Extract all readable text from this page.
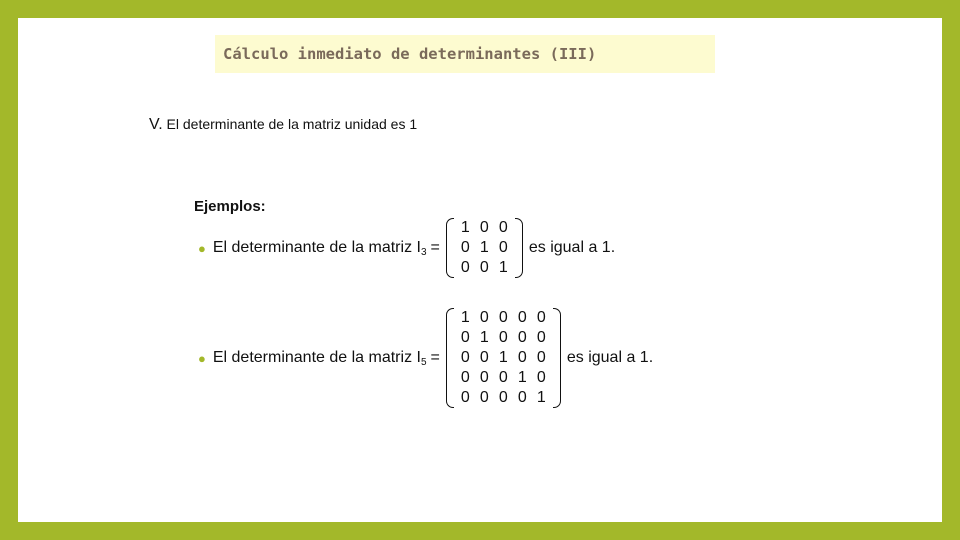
Cálculo inmediato de determinantes (III)
V. El determinante de la matriz unidad es 1
Ejemplos:
● El determinante de la matriz I 3 =
1 0 0
0 1 0
0 0 1
es igual a 1.
● El determinante de la matriz I 5 =
1 0 0 0 0
0 1 0 0 0
0 0 1 0 0
0 0 0 1 0
0 0 0 0 1
es igual a 1.
